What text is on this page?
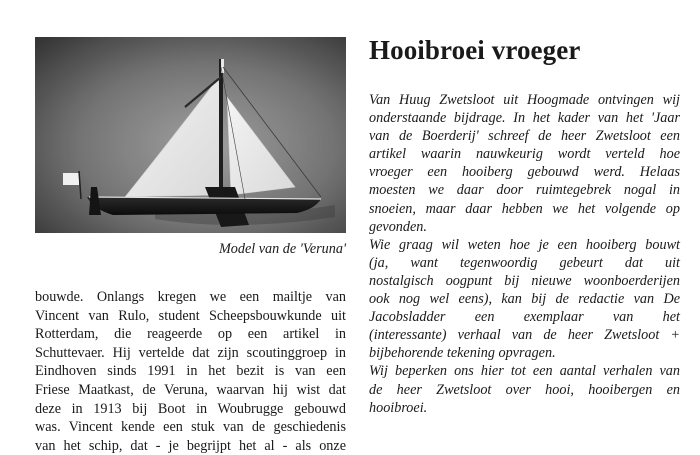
Model van de 'Veruna'
bouwde. Onlangs kregen we een mailtje van
Vincent van Rulo, student Scheepsbouwkunde uit
Rotterdam, die reageerde op een artikel in
Schuttevaer. Hij vertelde dat zijn scoutinggroep in
Eindhoven sinds 1991 in het bezit is van een
Friese Maatkast, de Veruna, waarvan hij wist dat
deze in 1913 bij Boot in Woubrugge gebouwd
was. Vincent kende een stuk van de geschiedenis
van het schip, dat - je begrijpt het al - als onze
Hooibroei vroeger
Van Huug Zwetsloot uit Hoogmade ontvingen wij
onderstaande bijdrage. In het kader van het 'Jaar
van de Boerderij' schreef de heer Zwetsloot een
artikel waarin nauwkeurig wordt verteld hoe
vroeger een hooiberg gebouwd werd. Helaas
moesten we daar door ruimtegebrek nogal in
snoeien, maar daar hebben we het volgende op
gevonden.
Wie graag wil weten hoe je een hooiberg bouwt
(ja, want tegenwoordig gebeurt dat uit
nostalgisch oogpunt bij nieuwe woonboerderijen
ook nog wel eens), kan bij de redactie van De
Jacobsladder een exemplaar van het
(interessante) verhaal van de heer Zwetsloot +
bijbehorende tekening opvragen.
Wij beperken ons hier tot een aantal verhalen van
de heer Zwetsloot over hooi, hooibergen en
hooibroei.
